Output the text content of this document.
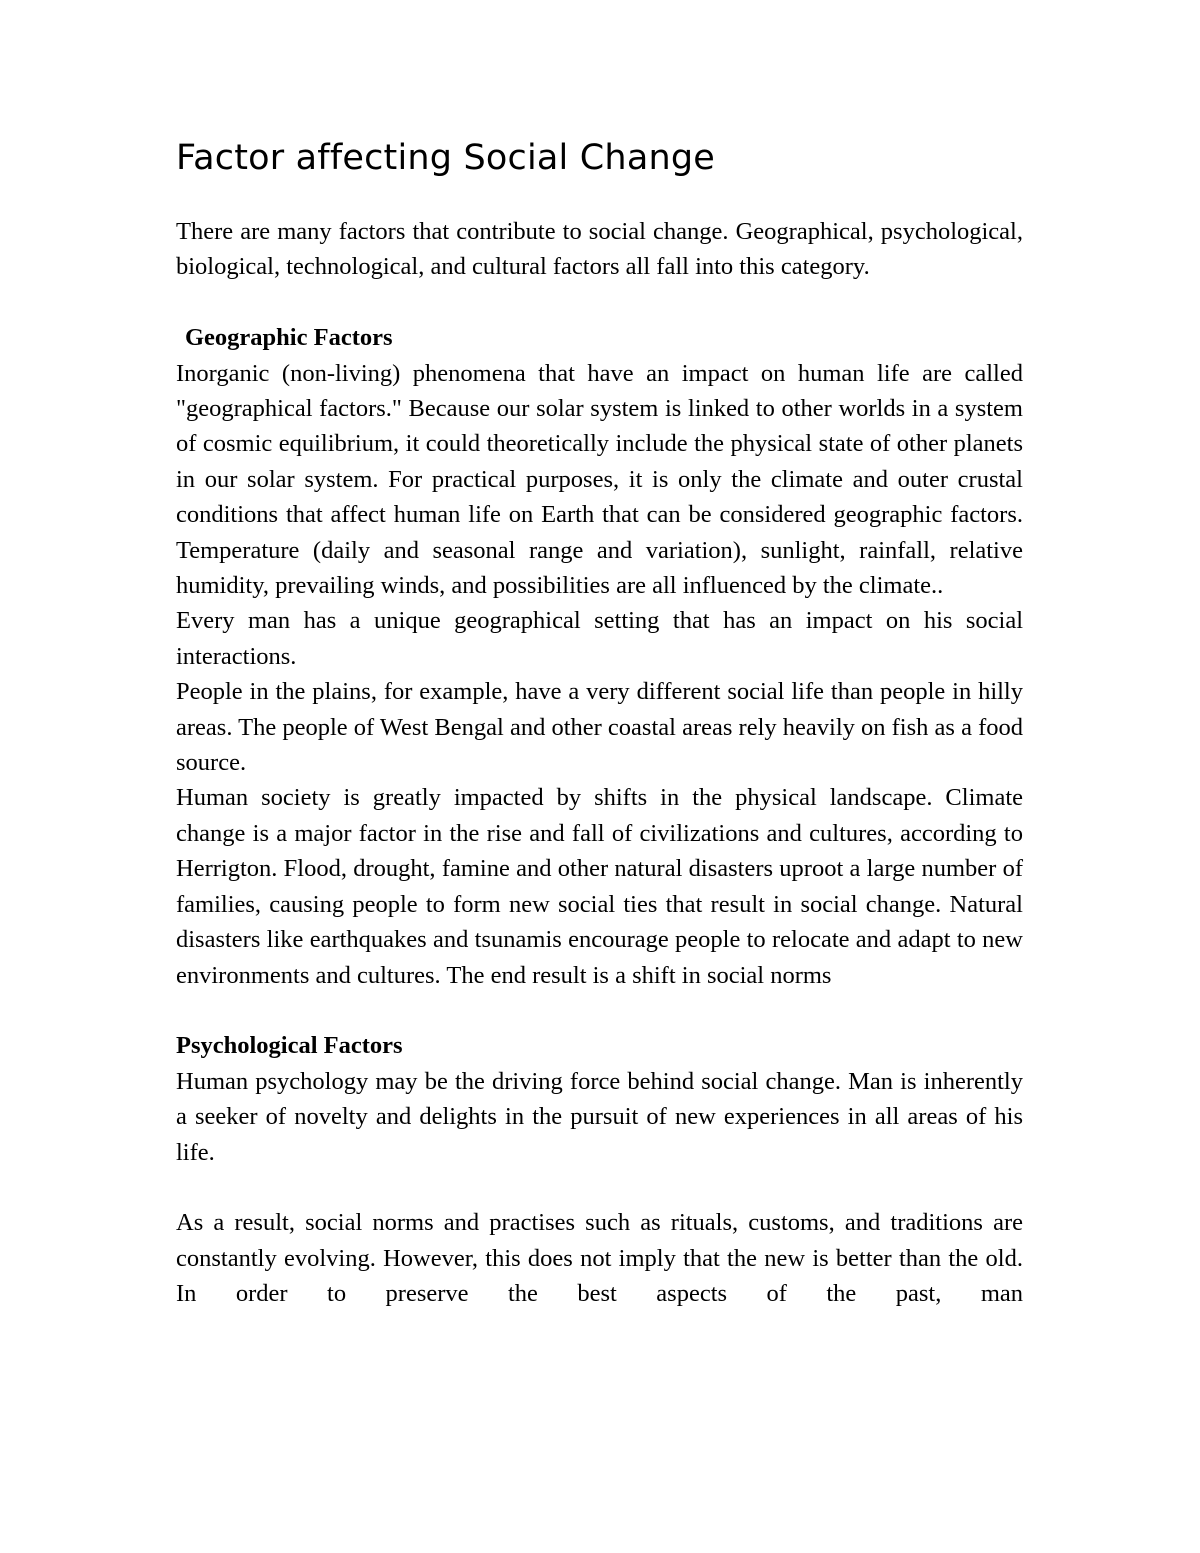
Factor affecting Social Change

There are many factors that contribute to social change. Geographical, psychological, biological, technological, and cultural factors all fall into this category.

Geographic Factors

Inorganic (non-living) phenomena that have an impact on human life are called "geographical factors." Because our solar system is linked to other worlds in a system of cosmic equilibrium, it could theoretically include the physical state of other planets in our solar system. For practical purposes, it is only the climate and outer crustal conditions that affect human life on Earth that can be considered geographic factors. Temperature (daily and seasonal range and variation), sunlight, rainfall, relative humidity, prevailing winds, and possibilities are all influenced by the climate..

Every man has a unique geographical setting that has an impact on his social interactions.

People in the plains, for example, have a very different social life than people in hilly areas. The people of West Bengal and other coastal areas rely heavily on fish as a food source.

Human society is greatly impacted by shifts in the physical landscape. Climate change is a major factor in the rise and fall of civilizations and cultures, according to Herrigton. Flood, drought, famine and other natural disasters uproot a large number of families, causing people to form new social ties that result in social change. Natural disasters like earthquakes and tsunamis encourage people to relocate and adapt to new environments and cultures. The end result is a shift in social norms

Psychological Factors

Human psychology may be the driving force behind social change. Man is inherently a seeker of novelty and delights in the pursuit of new experiences in all areas of his life.

As a result, social norms and practises such as rituals, customs, and traditions are constantly evolving. However, this does not imply that the new is better than the old. In order to preserve the best aspects of the past, man
